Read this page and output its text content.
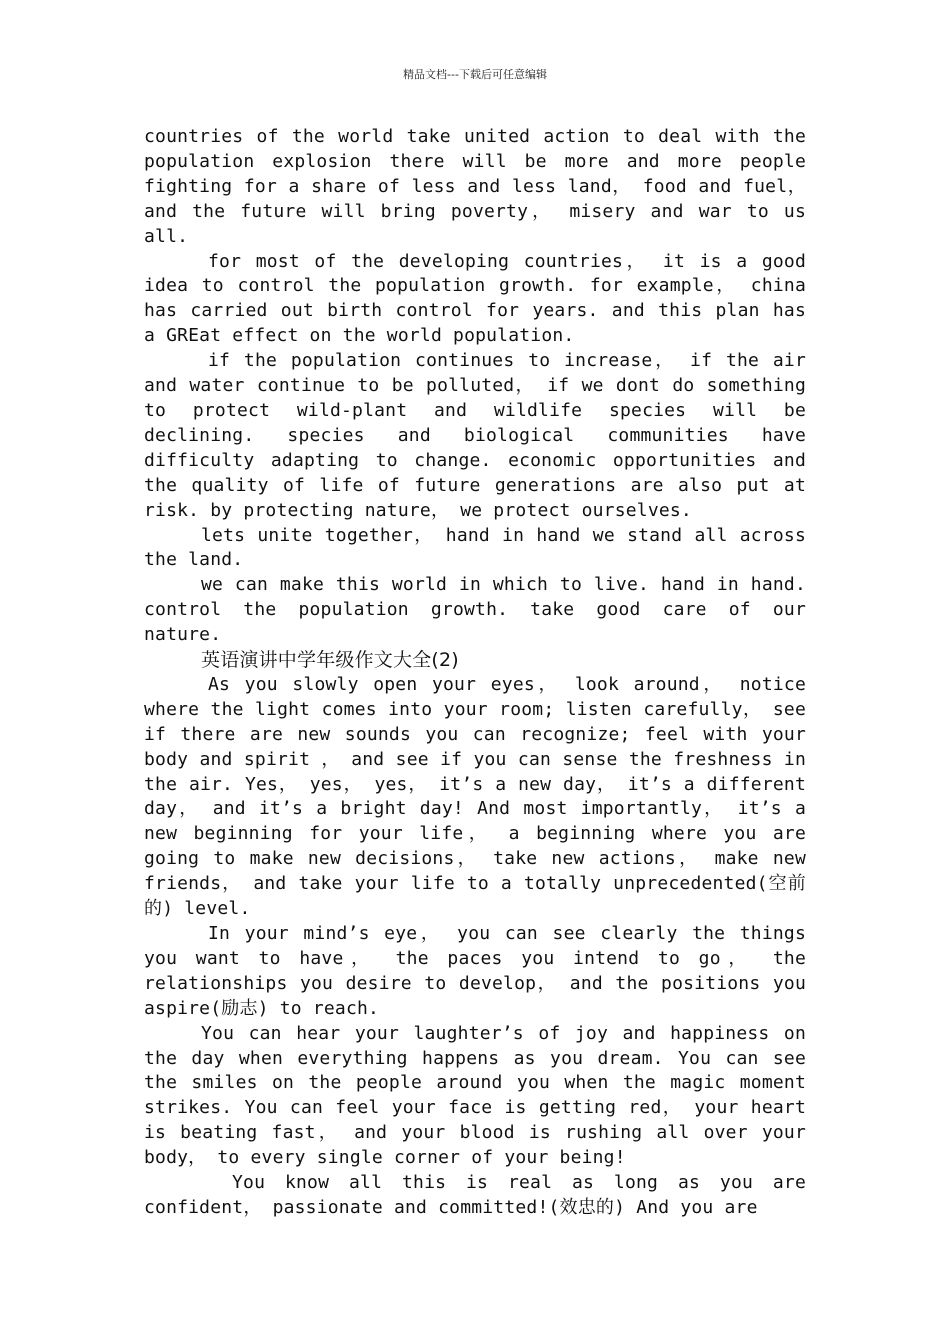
精品文档---下载后可任意编辑

countries of the world take united action to deal with the population explosion there will be more and more people fighting for a share of less and less land， food and fuel， and the future will bring poverty， misery and war to us all.

for most of the developing countries， it is a good idea to control the population growth. for example， china has carried out birth control for years. and this plan has a GREat effect on the world population.

if the population continues to increase， if the air and water continue to be polluted， if we dont do something to protect wild-plant and wildlife species will be declining. species and biological communities have difficulty adapting to change. economic opportunities and the quality of life of future generations are also put at risk. by protecting nature， we protect ourselves.

lets unite together， hand in hand we stand all across the land.

we can make this world in which to live. hand in hand. control the population growth. take good care of our nature.

英语演讲中学年级作文大全(2)

As you slowly open your eyes， look around， notice where the light comes into your room; listen carefully， see if there are new sounds you can recognize; feel with your body and spirit ， and see if you can sense the freshness in the air. Yes， yes， yes， it’s a new day， it’s a different day， and it’s a bright day! And most importantly， it’s a new beginning for your life， a beginning where you are going to make new decisions， take new actions， make new friends， and take your life to a totally unprecedented(空前的) level.

In your mind’s eye， you can see clearly the things you want to have， the paces you intend to go， the relationships you desire to develop， and the positions you aspire(励志) to reach.

You can hear your laughter’s of joy and happiness on the day when everything happens as you dream. You can see the smiles on the people around you when the magic moment strikes. You can feel your face is getting red， your heart is beating fast， and your blood is rushing all over your body， to every single corner of your being!

You know all this is real as long as you are confident， passionate and committed!(效忠的) And you are
